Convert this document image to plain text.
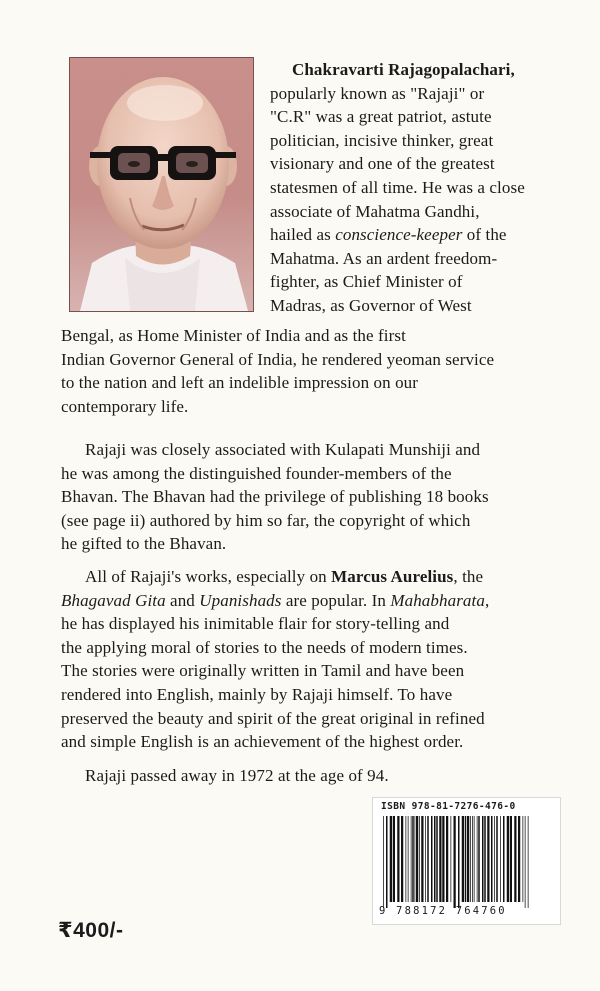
Chakravarti Rajagopalachari,
popularly known as "Rajaji" or
"C.R" was a great patriot, astute
politician, incisive thinker, great
visionary and one of the greatest
statesmen of all time. He was a close
associate of Mahatma Gandhi,
hailed as conscience-keeper of the
Mahatma. As an ardent freedom-
fighter, as Chief Minister of
Madras, as Governor of West

Bengal, as Home Minister of India and as the first
Indian Governor General of India, he rendered yeoman service
to the nation and left an indelible impression on our
contemporary life.

Rajaji was closely associated with Kulapati Munshiji and
he was among the distinguished founder-members of the
Bhavan. The Bhavan had the privilege of publishing 18 books
(see page ii) authored by him so far, the copyright of which
he gifted to the Bhavan.

All of Rajaji's works, especially on Marcus Aurelius, the
Bhagavad Gita and Upanishads are popular. In Mahabharata,
he has displayed his inimitable flair for story-telling and
the applying moral of stories to the needs of modern times.
The stories were originally written in Tamil and have been
rendered into English, mainly by Rajaji himself. To have
preserved the beauty and spirit of the great original in refined
and simple English is an achievement of the highest order.

Rajaji passed away in 1972 at the age of 94.

ISBN 978-81-7276-476-0
9 788172 764760
₹400/-
